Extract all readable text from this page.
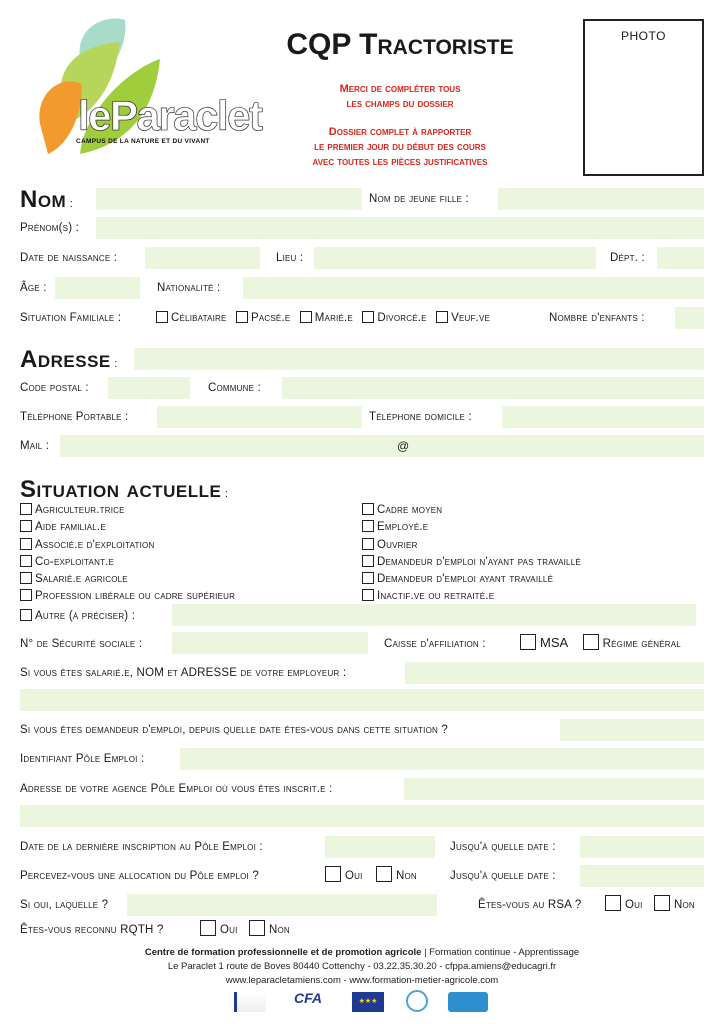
leParaclet
CAMPUS DE LA NATURE ET DU VIVANT
CQP Tractoriste
Merci de compléter tous
les champs du dossier
Dossier complet à rapporter
le premier jour du début des cours
avec toutes les pièces justificatives
PHOTO
Nom :	Nom de jeune fille :
Prénom(s) :
Date de naissance :	Lieu :	Dépt. :
Âge :	Nationalité :
Situation Familiale :	Célibataire Pacsé.e Marié.e Divorcé.e Veuf.ve	Nombre d'enfants :
Adresse :
Code postal :	Commune :
Téléphone Portable :	Téléphone domicile :
Mail :	@
Situation actuelle :
Agriculteur.trice
Aide familial.e
Associé.e d'exploitation
Co-exploitant.e
Salarié.e agricole
Profession libérale ou cadre supérieur
Cadre moyen
Employé.e
Ouvrier
Demandeur d'emploi n'ayant pas travaillé
Demandeur d'emploi ayant travaillé
Inactif.ve ou retraité.e
Autre (à préciser) :
N° de Sécurité sociale :	Caisse d'affiliation :	MSA	Régime général
Si vous êtes salarié.e, NOM et ADRESSE de votre employeur :
Si vous êtes demandeur d'emploi, depuis quelle date êtes-vous dans cette situation ?
Identifiant Pôle Emploi :
Adresse de votre agence Pôle Emploi où vous êtes inscrit.e :
Date de la dernière inscription au Pôle Emploi :	Jusqu'à quelle date :
Percevez-vous une allocation du Pôle emploi ?	Oui	Non	Jusqu'à quelle date :
Si oui, laquelle ?	Êtes-vous au RSA ?	Oui	Non
Êtes-vous reconnu RQTH ?	Oui	Non
Centre de formation professionnelle et de promotion agricole | Formation continue - Apprentissage
Le Paraclet 1 route de Boves 80440 Cottenchy - 03.22.35.30.20 - cfppa.amiens@educagri.fr
www.leparacletamiens.com - www.formation-metier-agricole.com
CFA	★★★
